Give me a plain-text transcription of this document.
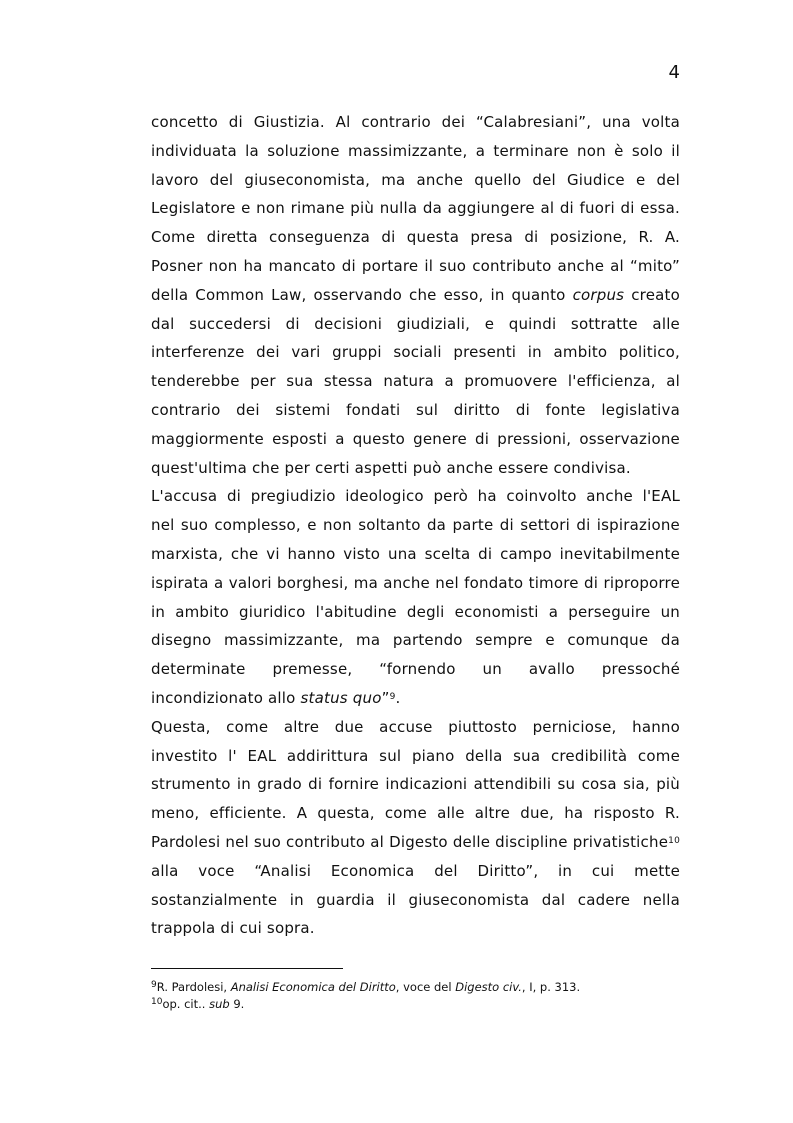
4
concetto di Giustizia. Al contrario dei “Calabresiani”, una volta
individuata la soluzione massimizzante, a terminare non è solo il
lavoro del giuseconomista, ma anche quello del Giudice e del
Legislatore e non rimane più nulla da aggiungere al di fuori di essa.
Come diretta conseguenza di questa presa di posizione, R. A.
Posner non ha mancato di portare il suo contributo anche al “mito”
della Common Law, osservando che esso, in quanto corpus creato
dal succedersi di decisioni giudiziali, e quindi sottratte alle
interferenze dei vari gruppi sociali presenti in ambito politico,
tenderebbe per sua stessa natura a promuovere l'efficienza, al
contrario dei sistemi fondati sul diritto di fonte legislativa
maggiormente esposti a questo genere di pressioni, osservazione
quest'ultima che per certi aspetti può anche essere condivisa.
L'accusa di pregiudizio ideologico però ha coinvolto anche l'EAL
nel suo complesso, e non soltanto da parte di settori di ispirazione
marxista, che vi hanno visto una scelta di campo inevitabilmente
ispirata a valori borghesi, ma anche nel fondato timore di riproporre
in ambito giuridico l'abitudine degli economisti a perseguire un
disegno massimizzante, ma partendo sempre e comunque da
determinate premesse, “fornendo un avallo pressoché
incondizionato allo status quo”$^9$.
Questa, come altre due accuse piuttosto perniciose, hanno
investito l' EAL addirittura sul piano della sua credibilità come
strumento in grado di fornire indicazioni attendibili su cosa sia, più
meno, efficiente. A questa, come alle altre due, ha risposto R.
Pardolesi nel suo contributo al Digesto delle discipline privatistiche$^{10}$
alla voce “Analisi Economica del Diritto”, in cui mette
sostanzialmente in guardia il giuseconomista dal cadere nella
trappola di cui sopra.
$^9$R. Pardolesi, Analisi Economica del Diritto, voce del Digesto civ., I, p. 313.
$^{10}$op. cit.. sub 9.
